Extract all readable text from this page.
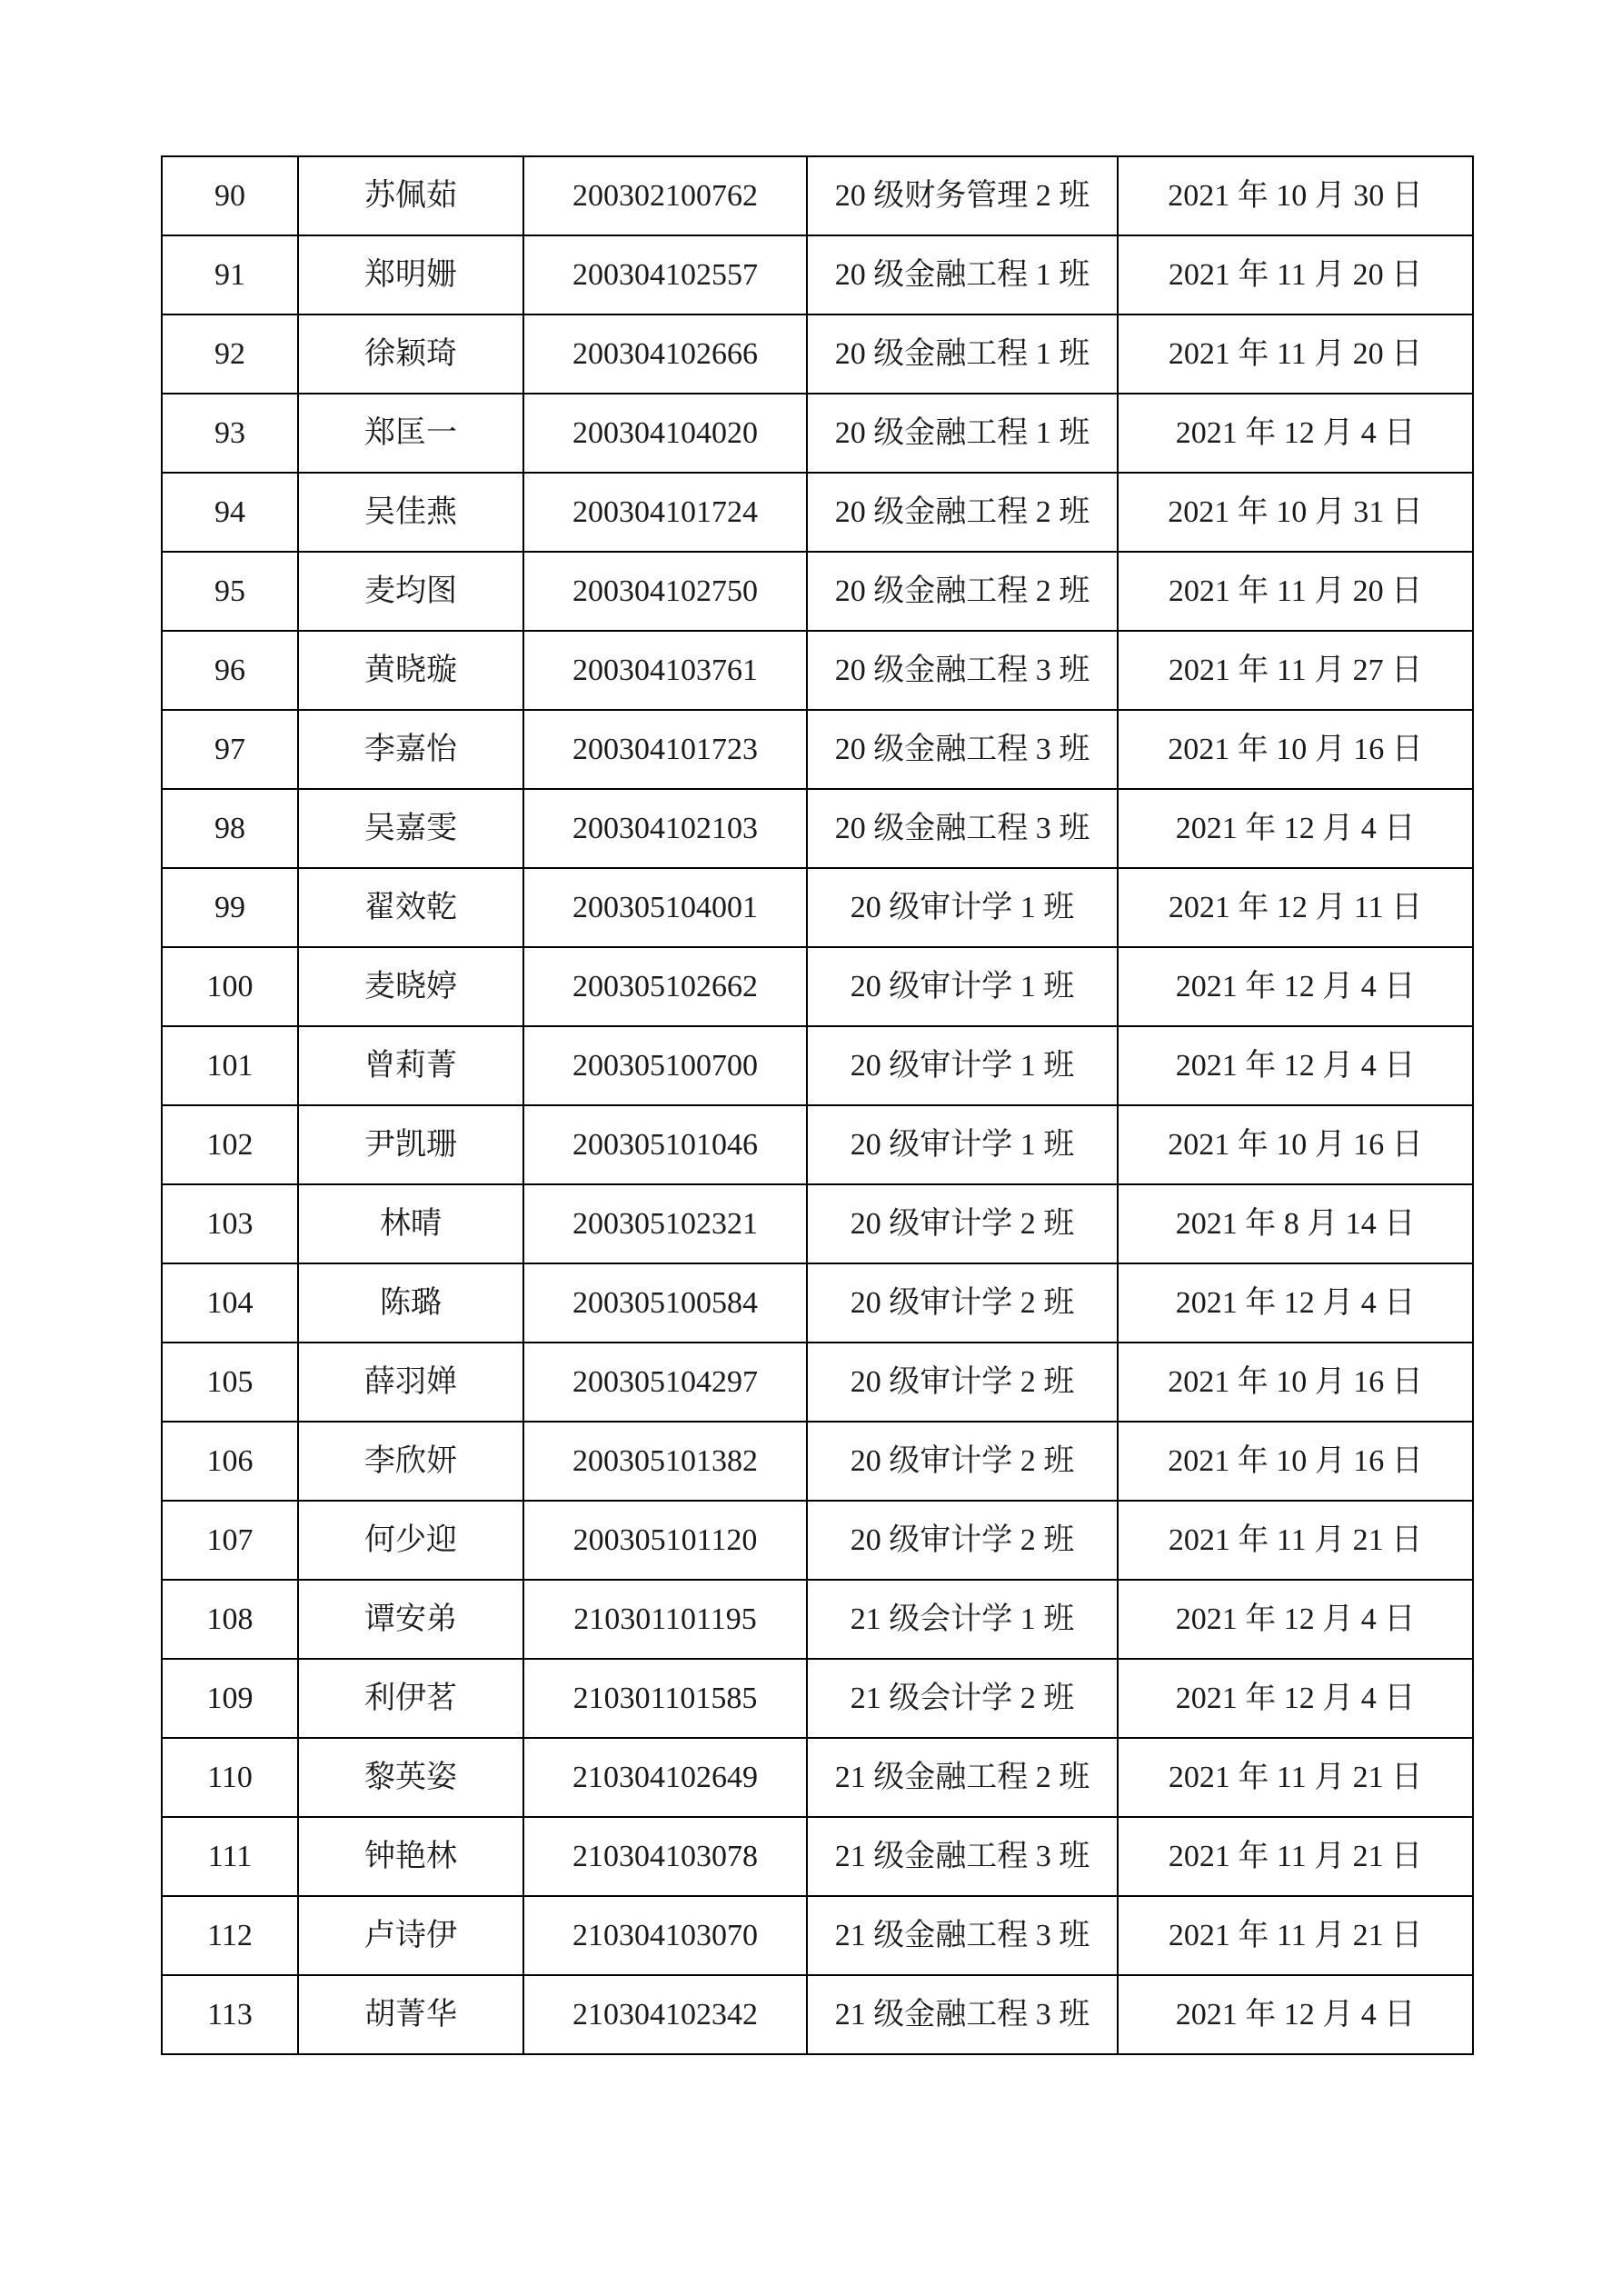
90	苏佩茹	200302100762	20 级财务管理 2 班	2021 年 10 月 30 日
91	郑明姗	200304102557	20 级金融工程 1 班	2021 年 11 月 20 日
92	徐颖琦	200304102666	20 级金融工程 1 班	2021 年 11 月 20 日
93	郑匡一	200304104020	20 级金融工程 1 班	2021 年 12 月 4 日
94	吴佳燕	200304101724	20 级金融工程 2 班	2021 年 10 月 31 日
95	麦均图	200304102750	20 级金融工程 2 班	2021 年 11 月 20 日
96	黄晓璇	200304103761	20 级金融工程 3 班	2021 年 11 月 27 日
97	李嘉怡	200304101723	20 级金融工程 3 班	2021 年 10 月 16 日
98	吴嘉雯	200304102103	20 级金融工程 3 班	2021 年 12 月 4 日
99	翟效乾	200305104001	20 级审计学 1 班	2021 年 12 月 11 日
100	麦晓婷	200305102662	20 级审计学 1 班	2021 年 12 月 4 日
101	曾莉菁	200305100700	20 级审计学 1 班	2021 年 12 月 4 日
102	尹凯珊	200305101046	20 级审计学 1 班	2021 年 10 月 16 日
103	林晴	200305102321	20 级审计学 2 班	2021 年 8 月 14 日
104	陈璐	200305100584	20 级审计学 2 班	2021 年 12 月 4 日
105	薛羽婵	200305104297	20 级审计学 2 班	2021 年 10 月 16 日
106	李欣妍	200305101382	20 级审计学 2 班	2021 年 10 月 16 日
107	何少迎	200305101120	20 级审计学 2 班	2021 年 11 月 21 日
108	谭安弟	210301101195	21 级会计学 1 班	2021 年 12 月 4 日
109	利伊茗	210301101585	21 级会计学 2 班	2021 年 12 月 4 日
110	黎英姿	210304102649	21 级金融工程 2 班	2021 年 11 月 21 日
111	钟艳林	210304103078	21 级金融工程 3 班	2021 年 11 月 21 日
112	卢诗伊	210304103070	21 级金融工程 3 班	2021 年 11 月 21 日
113	胡菁华	210304102342	21 级金融工程 3 班	2021 年 12 月 4 日
